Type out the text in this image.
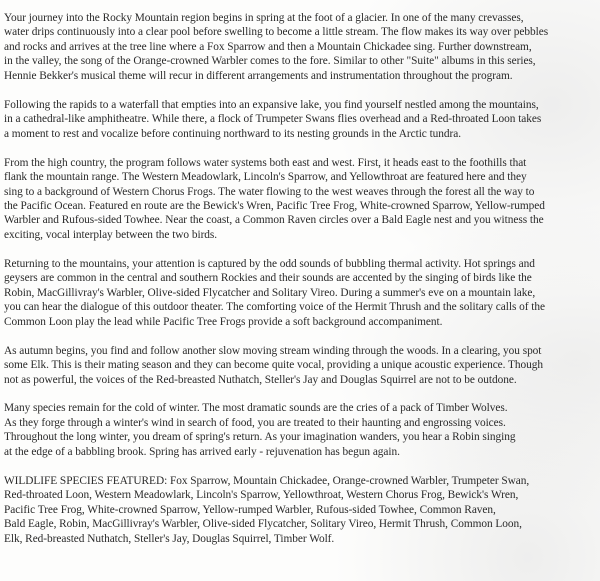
Your journey into the Rocky Mountain region begins in spring at the foot of a glacier. In one of the many crevasses,
water drips continuously into a clear pool before swelling to become a little stream. The flow makes its way over pebbles
and rocks and arrives at the tree line where a Fox Sparrow and then a Mountain Chickadee sing. Further downstream,
in the valley, the song of the Orange-crowned Warbler comes to the fore. Similar to other "Suite" albums in this series,
Hennie Bekker's musical theme will recur in different arrangements and instrumentation throughout the program.

Following the rapids to a waterfall that empties into an expansive lake, you find yourself nestled among the mountains,
in a cathedral-like amphitheatre. While there, a flock of Trumpeter Swans flies overhead and a Red-throated Loon takes
a moment to rest and vocalize before continuing northward to its nesting grounds in the Arctic tundra.

From the high country, the program follows water systems both east and west. First, it heads east to the foothills that
flank the mountain range. The Western Meadowlark, Lincoln's Sparrow, and Yellowthroat are featured here and they
sing to a background of Western Chorus Frogs. The water flowing to the west weaves through the forest all the way to
the Pacific Ocean. Featured en route are the Bewick's Wren, Pacific Tree Frog, White-crowned Sparrow, Yellow-rumped
Warbler and Rufous-sided Towhee. Near the coast, a Common Raven circles over a Bald Eagle nest and you witness the
exciting, vocal interplay between the two birds.

Returning to the mountains, your attention is captured by the odd sounds of bubbling thermal activity. Hot springs and
geysers are common in the central and southern Rockies and their sounds are accented by the singing of birds like the
Robin, MacGillivray's Warbler, Olive-sided Flycatcher and Solitary Vireo. During a summer's eve on a mountain lake,
you can hear the dialogue of this outdoor theater. The comforting voice of the Hermit Thrush and the solitary calls of the
Common Loon play the lead while Pacific Tree Frogs provide a soft background accompaniment.

As autumn begins, you find and follow another slow moving stream winding through the woods. In a clearing, you spot
some Elk. This is their mating season and they can become quite vocal, providing a unique acoustic experience. Though
not as powerful, the voices of the Red-breasted Nuthatch, Steller's Jay and Douglas Squirrel are not to be outdone.

Many species remain for the cold of winter. The most dramatic sounds are the cries of a pack of Timber Wolves.
As they forge through a winter's wind in search of food, you are treated to their haunting and engrossing voices.
Throughout the long winter, you dream of spring's return. As your imagination wanders, you hear a Robin singing
at the edge of a babbling brook. Spring has arrived early - rejuvenation has begun again.

WILDLIFE SPECIES FEATURED: Fox Sparrow, Mountain Chickadee, Orange-crowned Warbler, Trumpeter Swan,
Red-throated Loon, Western Meadowlark, Lincoln's Sparrow, Yellowthroat, Western Chorus Frog, Bewick's Wren,
Pacific Tree Frog, White-crowned Sparrow, Yellow-rumped Warbler, Rufous-sided Towhee, Common Raven,
Bald Eagle, Robin, MacGillivray's Warbler, Olive-sided Flycatcher, Solitary Vireo, Hermit Thrush, Common Loon,
Elk, Red-breasted Nuthatch, Steller's Jay, Douglas Squirrel, Timber Wolf.
